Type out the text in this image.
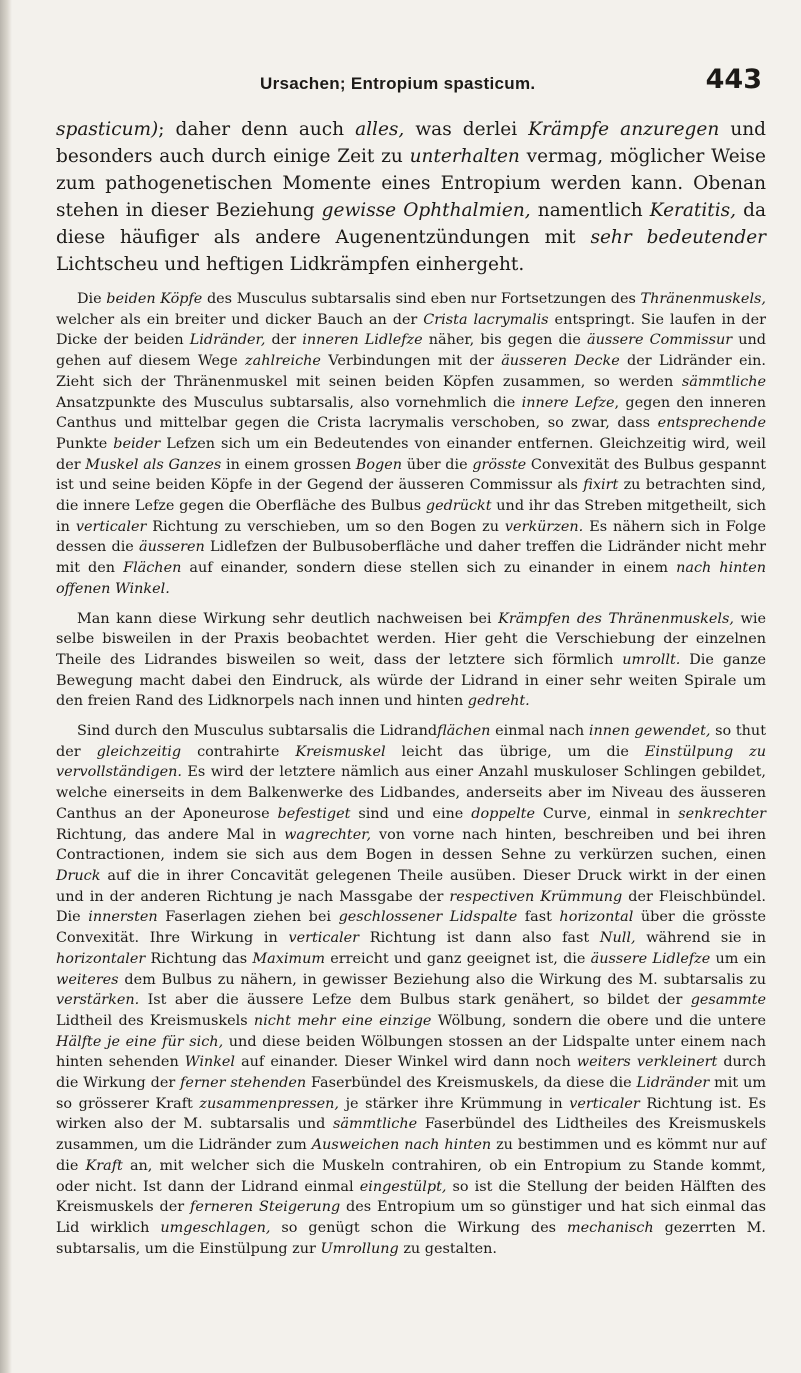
Ursachen; Entropium spasticum.	443

spasticum); daher denn auch alles, was derlei Krämpfe anzuregen und besonders auch durch einige Zeit zu unterhalten vermag, möglicher Weise zum pathogenetischen Momente eines Entropium werden kann. Obenan stehen in dieser Beziehung gewisse Ophthalmien, namentlich Keratitis, da diese häufiger als andere Augenentzündungen mit sehr bedeutender Lichtscheu und heftigen Lidkrämpfen einhergeht.

Die beiden Köpfe des Musculus subtarsalis sind eben nur Fortsetzungen des Thränenmuskels, welcher als ein breiter und dicker Bauch an der Crista lacrymalis entspringt. Sie laufen in der Dicke der beiden Lidränder, der inneren Lidlefze näher, bis gegen die äussere Commissur und gehen auf diesem Wege zahlreiche Verbindungen mit der äusseren Decke der Lidränder ein. Zieht sich der Thränenmuskel mit seinen beiden Köpfen zusammen, so werden sämmtliche Ansatzpunkte des Musculus subtarsalis, also vornehmlich die innere Lefze, gegen den inneren Canthus und mittelbar gegen die Crista lacrymalis verschoben, so zwar, dass entsprechende Punkte beider Lefzen sich um ein Bedeutendes von einander entfernen. Gleichzeitig wird, weil der Muskel als Ganzes in einem grossen Bogen über die grösste Convexität des Bulbus gespannt ist und seine beiden Köpfe in der Gegend der äusseren Commissur als fixirt zu betrachten sind, die innere Lefze gegen die Oberfläche des Bulbus gedrückt und ihr das Streben mitgetheilt, sich in verticaler Richtung zu verschieben, um so den Bogen zu verkürzen. Es nähern sich in Folge dessen die äusseren Lidlefzen der Bulbusoberfläche und daher treffen die Lidränder nicht mehr mit den Flächen auf einander, sondern diese stellen sich zu einander in einem nach hinten offenen Winkel.

Man kann diese Wirkung sehr deutlich nachweisen bei Krämpfen des Thränenmuskels, wie selbe bisweilen in der Praxis beobachtet werden. Hier geht die Verschiebung der einzelnen Theile des Lidrandes bisweilen so weit, dass der letztere sich förmlich umrollt. Die ganze Bewegung macht dabei den Eindruck, als würde der Lidrand in einer sehr weiten Spirale um den freien Rand des Lidknorpels nach innen und hinten gedreht.

Sind durch den Musculus subtarsalis die Lidrandflächen einmal nach innen gewendet, so thut der gleichzeitig contrahirte Kreismuskel leicht das übrige, um die Einstülpung zu vervollständigen. Es wird der letztere nämlich aus einer Anzahl muskuloser Schlingen gebildet, welche einerseits in dem Balkenwerke des Lidbandes, anderseits aber im Niveau des äusseren Canthus an der Aponeurose befestiget sind und eine doppelte Curve, einmal in senkrechter Richtung, das andere Mal in wagrechter, von vorne nach hinten, beschreiben und bei ihren Contractionen, indem sie sich aus dem Bogen in dessen Sehne zu verkürzen suchen, einen Druck auf die in ihrer Concavität gelegenen Theile ausüben. Dieser Druck wirkt in der einen und in der anderen Richtung je nach Massgabe der respectiven Krümmung der Fleischbündel. Die innersten Faserlagen ziehen bei geschlossener Lidspalte fast horizontal über die grösste Convexität. Ihre Wirkung in verticaler Richtung ist dann also fast Null, während sie in horizontaler Richtung das Maximum erreicht und ganz geeignet ist, die äussere Lidlefze um ein weiteres dem Bulbus zu nähern, in gewisser Beziehung also die Wirkung des M. subtarsalis zu verstärken. Ist aber die äussere Lefze dem Bulbus stark genähert, so bildet der gesammte Lidtheil des Kreismuskels nicht mehr eine einzige Wölbung, sondern die obere und die untere Hälfte je eine für sich, und diese beiden Wölbungen stossen an der Lidspalte unter einem nach hinten sehenden Winkel auf einander. Dieser Winkel wird dann noch weiters verkleinert durch die Wirkung der ferner stehenden Faserbündel des Kreismuskels, da diese die Lidränder mit um so grösserer Kraft zusammenpressen, je stärker ihre Krümmung in verticaler Richtung ist. Es wirken also der M. subtarsalis und sämmtliche Faserbündel des Lidtheiles des Kreismuskels zusammen, um die Lidränder zum Ausweichen nach hinten zu bestimmen und es kömmt nur auf die Kraft an, mit welcher sich die Muskeln contrahiren, ob ein Entropium zu Stande kommt, oder nicht. Ist dann der Lidrand einmal eingestülpt, so ist die Stellung der beiden Hälften des Kreismuskels der ferneren Steigerung des Entropium um so günstiger und hat sich einmal das Lid wirklich umgeschlagen, so genügt schon die Wirkung des mechanisch gezerrten M. subtarsalis, um die Einstülpung zur Umrollung zu gestalten.
